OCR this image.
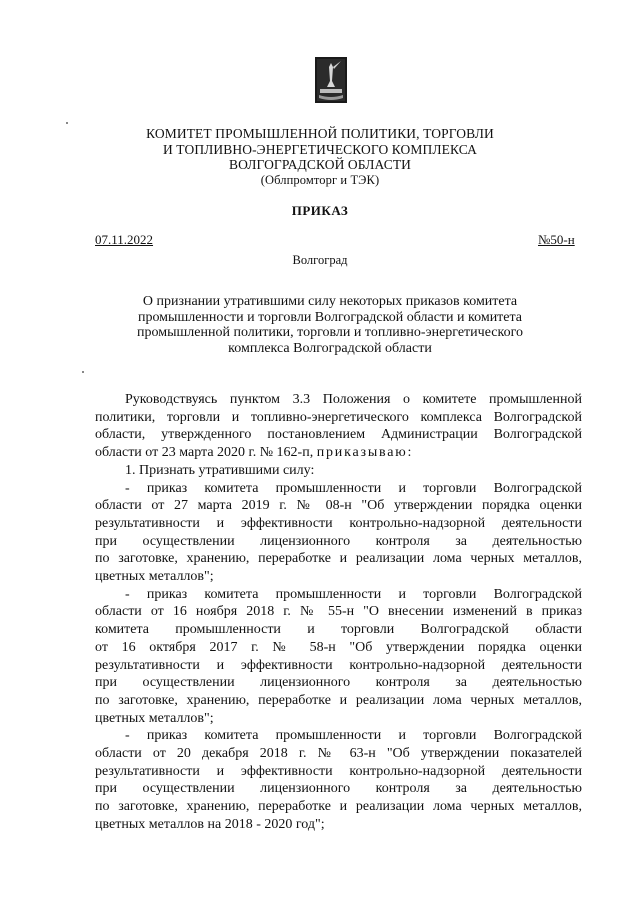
КОМИТЕТ ПРОМЫШЛЕННОЙ ПОЛИТИКИ, ТОРГОВЛИ
И ТОПЛИВНО-ЭНЕРГЕТИЧЕСКОГО КОМПЛЕКСА
ВОЛГОГРАДСКОЙ ОБЛАСТИ
(Облпромторг и ТЭК)
ПРИКАЗ
07.11.2022	№50-н
Волгоград
О признании утратившими силу некоторых приказов комитета
промышленности и торговли Волгоградской области и комитета
промышленной политики, торговли и топливно-энергетического
комплекса Волгоградской области
Руководствуясь пунктом 3.3 Положения о комитете промышленной
политики, торговли и топливно-энергетического комплекса Волгоградской
области, утвержденного постановлением Администрации Волгоградской
области от 23 марта 2020 г. № 162-п, приказываю:
1. Признать утратившими силу:
- приказ комитета промышленности и торговли Волгоградской
области от 27 марта 2019 г. № 08-н "Об утверждении порядка оценки
результативности и эффективности контрольно-надзорной деятельности
при осуществлении лицензионного контроля за деятельностью
по заготовке, хранению, переработке и реализации лома черных металлов,
цветных металлов";
- приказ комитета промышленности и торговли Волгоградской
области от 16 ноября 2018 г. № 55-н "О внесении изменений в приказ
комитета промышленности и торговли Волгоградской области
от 16 октября 2017 г. № 58-н "Об утверждении порядка оценки
результативности и эффективности контрольно-надзорной деятельности
при осуществлении лицензионного контроля за деятельностью
по заготовке, хранению, переработке и реализации лома черных металлов,
цветных металлов";
- приказ комитета промышленности и торговли Волгоградской
области от 20 декабря 2018 г. № 63-н "Об утверждении показателей
результативности и эффективности контрольно-надзорной деятельности
при осуществлении лицензионного контроля за деятельностью
по заготовке, хранению, переработке и реализации лома черных металлов,
цветных металлов на 2018 - 2020 год";
